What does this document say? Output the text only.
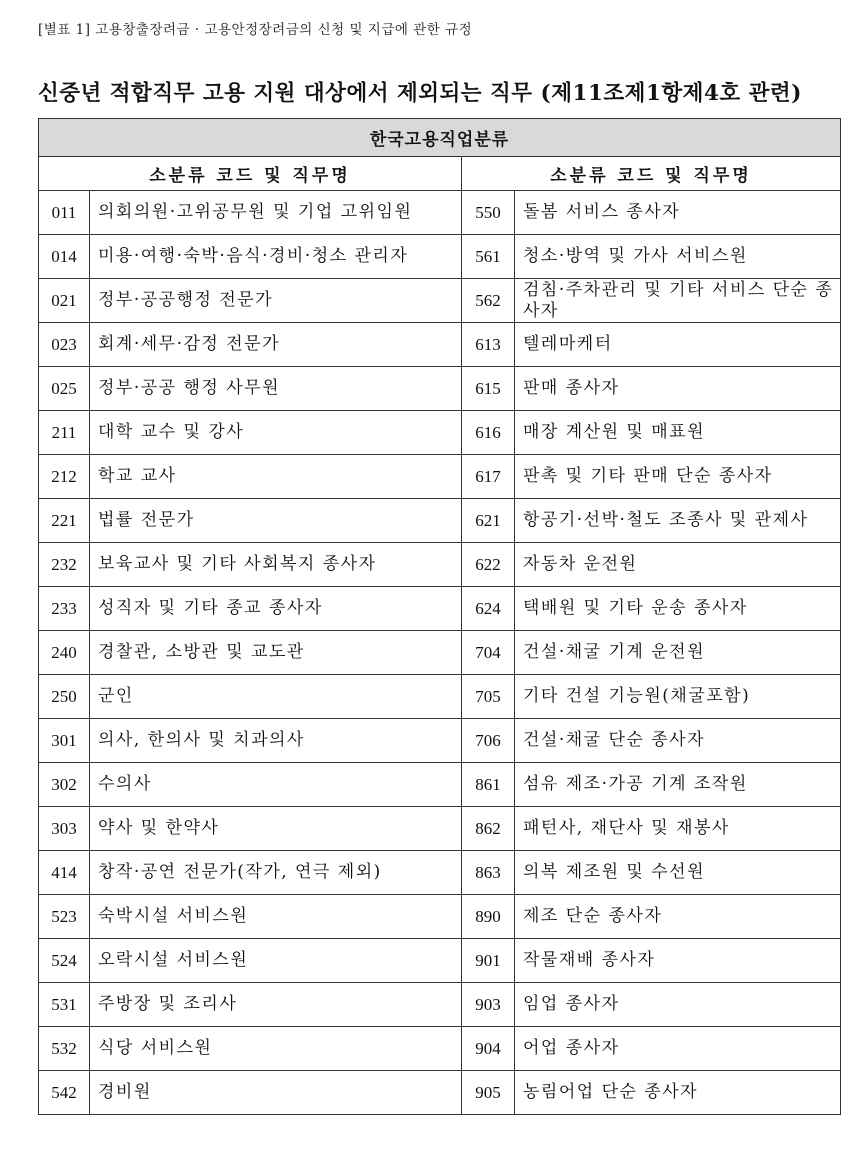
[별표 1] 고용창출장려금 · 고용안정장려금의 신청 및 지급에 관한 규정
신중년 적합직무 고용 지원 대상에서 제외되는 직무 (제11조제1항제4호 관련)
한국고용직업분류			
소분류 코드 및 직무명		소분류 코드 및 직무명	
011	의회의원·고위공무원 및 기업 고위임원	550	돌봄 서비스 종사자
014	미용·여행·숙박·음식·경비·청소 관리자	561	청소·방역 및 가사 서비스원
021	정부·공공행정 전문가	562	검침·주차관리 및 기타 서비스 단순 종사자
023	회계·세무·감정 전문가	613	텔레마케터
025	정부·공공 행정 사무원	615	판매 종사자
211	대학 교수 및 강사	616	매장 계산원 및 매표원
212	학교 교사	617	판촉 및 기타 판매 단순 종사자
221	법률 전문가	621	항공기·선박·철도 조종사 및 관제사
232	보육교사 및 기타 사회복지 종사자	622	자동차 운전원
233	성직자 및 기타 종교 종사자	624	택배원 및 기타 운송 종사자
240	경찰관, 소방관 및 교도관	704	건설·채굴 기계 운전원
250	군인	705	기타 건설 기능원(채굴포함)
301	의사, 한의사 및 치과의사	706	건설·채굴 단순 종사자
302	수의사	861	섬유 제조·가공 기계 조작원
303	약사 및 한약사	862	패턴사, 재단사 및 재봉사
414	창작·공연 전문가(작가, 연극 제외)	863	의복 제조원 및 수선원
523	숙박시설 서비스원	890	제조 단순 종사자
524	오락시설 서비스원	901	작물재배 종사자
531	주방장 및 조리사	903	임업 종사자
532	식당 서비스원	904	어업 종사자
542	경비원	905	농림어업 단순 종사자
